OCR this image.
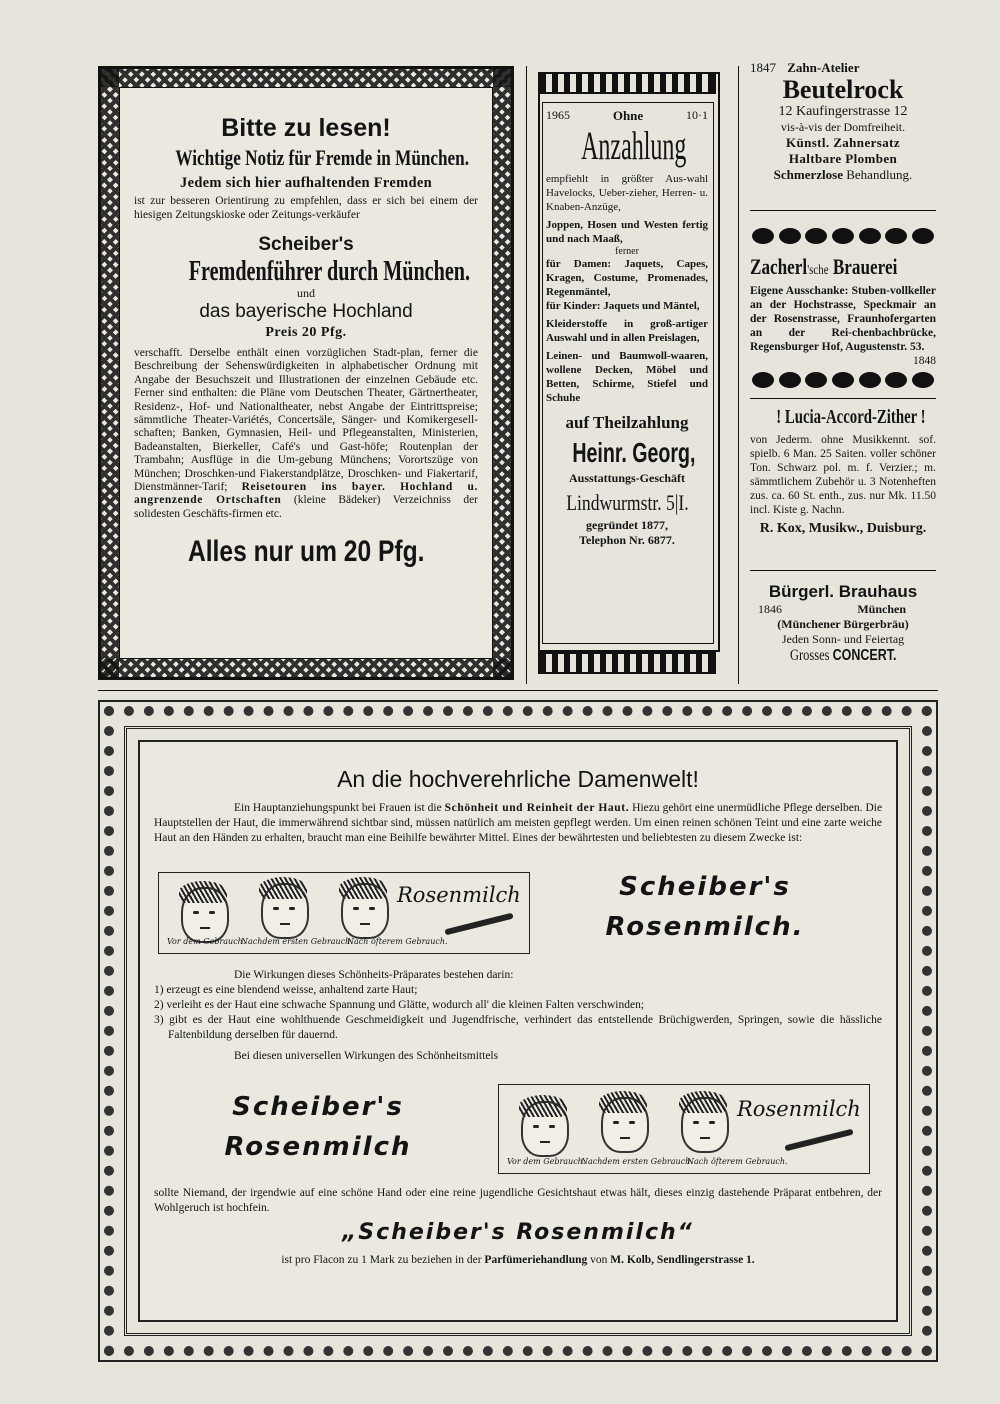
Bitte zu lesen!
Wichtige Notiz für Fremde in München.
Jedem sich hier aufhaltenden Fremden
ist zur besseren Orientirung zu empfehlen, dass er sich bei einem der hiesigen Zeitungskioske oder Zeitungs-verkäufer
Scheiber's
Fremdenführer durch München.
und
das bayerische Hochland
Preis 20 Pfg.
verschafft. Derselbe enthält einen vorzüglichen Stadt-plan, ferner die Beschreibung der Sehenswürdigkeiten in alphabetischer Ordnung mit Angabe der Besuchszeit und Illustrationen der einzelnen Gebäude etc. Ferner sind enthalten: die Pläne vom Deutschen Theater, Gärtnertheater, Residenz-, Hof- und Nationaltheater, nebst Angabe der Eintrittspreise; sämmtliche Theater-Variétés, Concertsäle, Sänger- und Komikergesell-schaften; Banken, Gymnasien, Heil- und Pflegeanstalten, Ministerien, Badeanstalten, Bierkeller, Café's und Gast-höfe; Routenplan der Trambahn; Ausflüge in die Um-gebung Münchens; Vorortszüge von München; Droschken-und Fiakerstandplätze, Droschken- und Fiakertarif, Dienstmänner-Tarif; Reisetouren ins bayer. Hochland u. angrenzende Ortschaften (kleine Bädeker) Verzeichniss der solidesten Geschäfts-firmen etc.
Alles nur um 20 Pfg.
1965	Ohne	10·1
Anzahlung
empfiehlt in größter Aus-wahl Havelocks, Ueber-zieher, Herren- u. Knaben-Anzüge,
Joppen, Hosen und Westen fertig und nach Maaß,
ferner
für Damen: Jaquets, Capes, Kragen, Costume, Promenades, Regenmäntel,
für Kinder: Jaquets und Mäntel,
Kleiderstoffe in groß-artiger Auswahl und in allen Preislagen,
Leinen- und Baumwoll-waaren, wollene Decken, Möbel und Betten, Schirme, Stiefel und Schuhe
auf Theilzahlung
Heinr. Georg,
Ausstattungs-Geschäft
Lindwurmstr. 5|I.
gegründet 1877,
Telephon Nr. 6877.
1847 Zahn-Atelier
Beutelrock
12 Kaufingerstrasse 12
vis-à-vis der Domfreiheit.
Künstl. Zahnersatz
Haltbare Plomben
Schmerzlose Behandlung.
Zacherl'sche Brauerei
Eigene Ausschanke: Stuben-vollkeller an der Hochstrasse, Speckmair an der Rosenstrasse, Fraunhofergarten an der Rei-chenbachbrücke, Regensburger Hof, Augustenstr. 53.
1848
! Lucia-Accord-Zither !
von Jederm. ohne Musikkennt. sof. spielb. 6 Man. 25 Saiten. voller schöner Ton. Schwarz pol. m. f. Verzier.; m. sämmtlichem Zubehör u. 3 Notenheften zus. ca. 60 St. enth., zus. nur Mk. 11.50 incl. Kiste g. Nachn.
R. Kox, Musikw., Duisburg.
Bürgerl. Brauhaus
1846	München
(Münchener Bürgerbräu)
Jeden Sonn- und Feiertag
Grosses CONCERT.
An die hochverehrliche Damenwelt!
Ein Hauptanziehungspunkt bei Frauen ist die Schönheit und Reinheit der Haut. Hiezu gehört eine unermüdliche Pflege derselben. Die Hauptstellen der Haut, die immerwährend sichtbar sind, müssen natürlich am meisten gepflegt werden. Um einen reinen schönen Teint und eine zarte weiche Haut an den Händen zu erhalten, braucht man eine Beihilfe bewährter Mittel. Eines der bewährtesten und beliebtesten zu diesem Zwecke ist:
Rosenmilch
Vor dem Gebrauch.
Nachdem ersten Gebrauch.
Nach öfterem Gebrauch.
Scheiber's
Rosenmilch.
Die Wirkungen dieses Schönheits-Präparates bestehen darin:
1) erzeugt es eine blendend weisse, anhaltend zarte Haut;
2) verleiht es der Haut eine schwache Spannung und Glätte, wodurch all' die kleinen Falten verschwinden;
3) gibt es der Haut eine wohlthuende Geschmeidigkeit und Jugendfrische, verhindert das entstellende Brüchigwerden, Springen, sowie die hässliche Faltenbildung derselben für dauernd.
Bei diesen universellen Wirkungen des Schönheitsmittels
Scheiber's
Rosenmilch
Rosenmilch
Vor dem Gebrauch.
Nachdem ersten Gebrauch.
Nach öfterem Gebrauch.
sollte Niemand, der irgendwie auf eine schöne Hand oder eine reine jugendliche Gesichtshaut etwas hält, dieses einzig dastehende Präparat entbehren, der Wohlgeruch ist hochfein.
„Scheiber's Rosenmilch“
ist pro Flacon zu 1 Mark zu beziehen in der Parfümeriehandlung von M. Kolb, Sendlingerstrasse 1.
